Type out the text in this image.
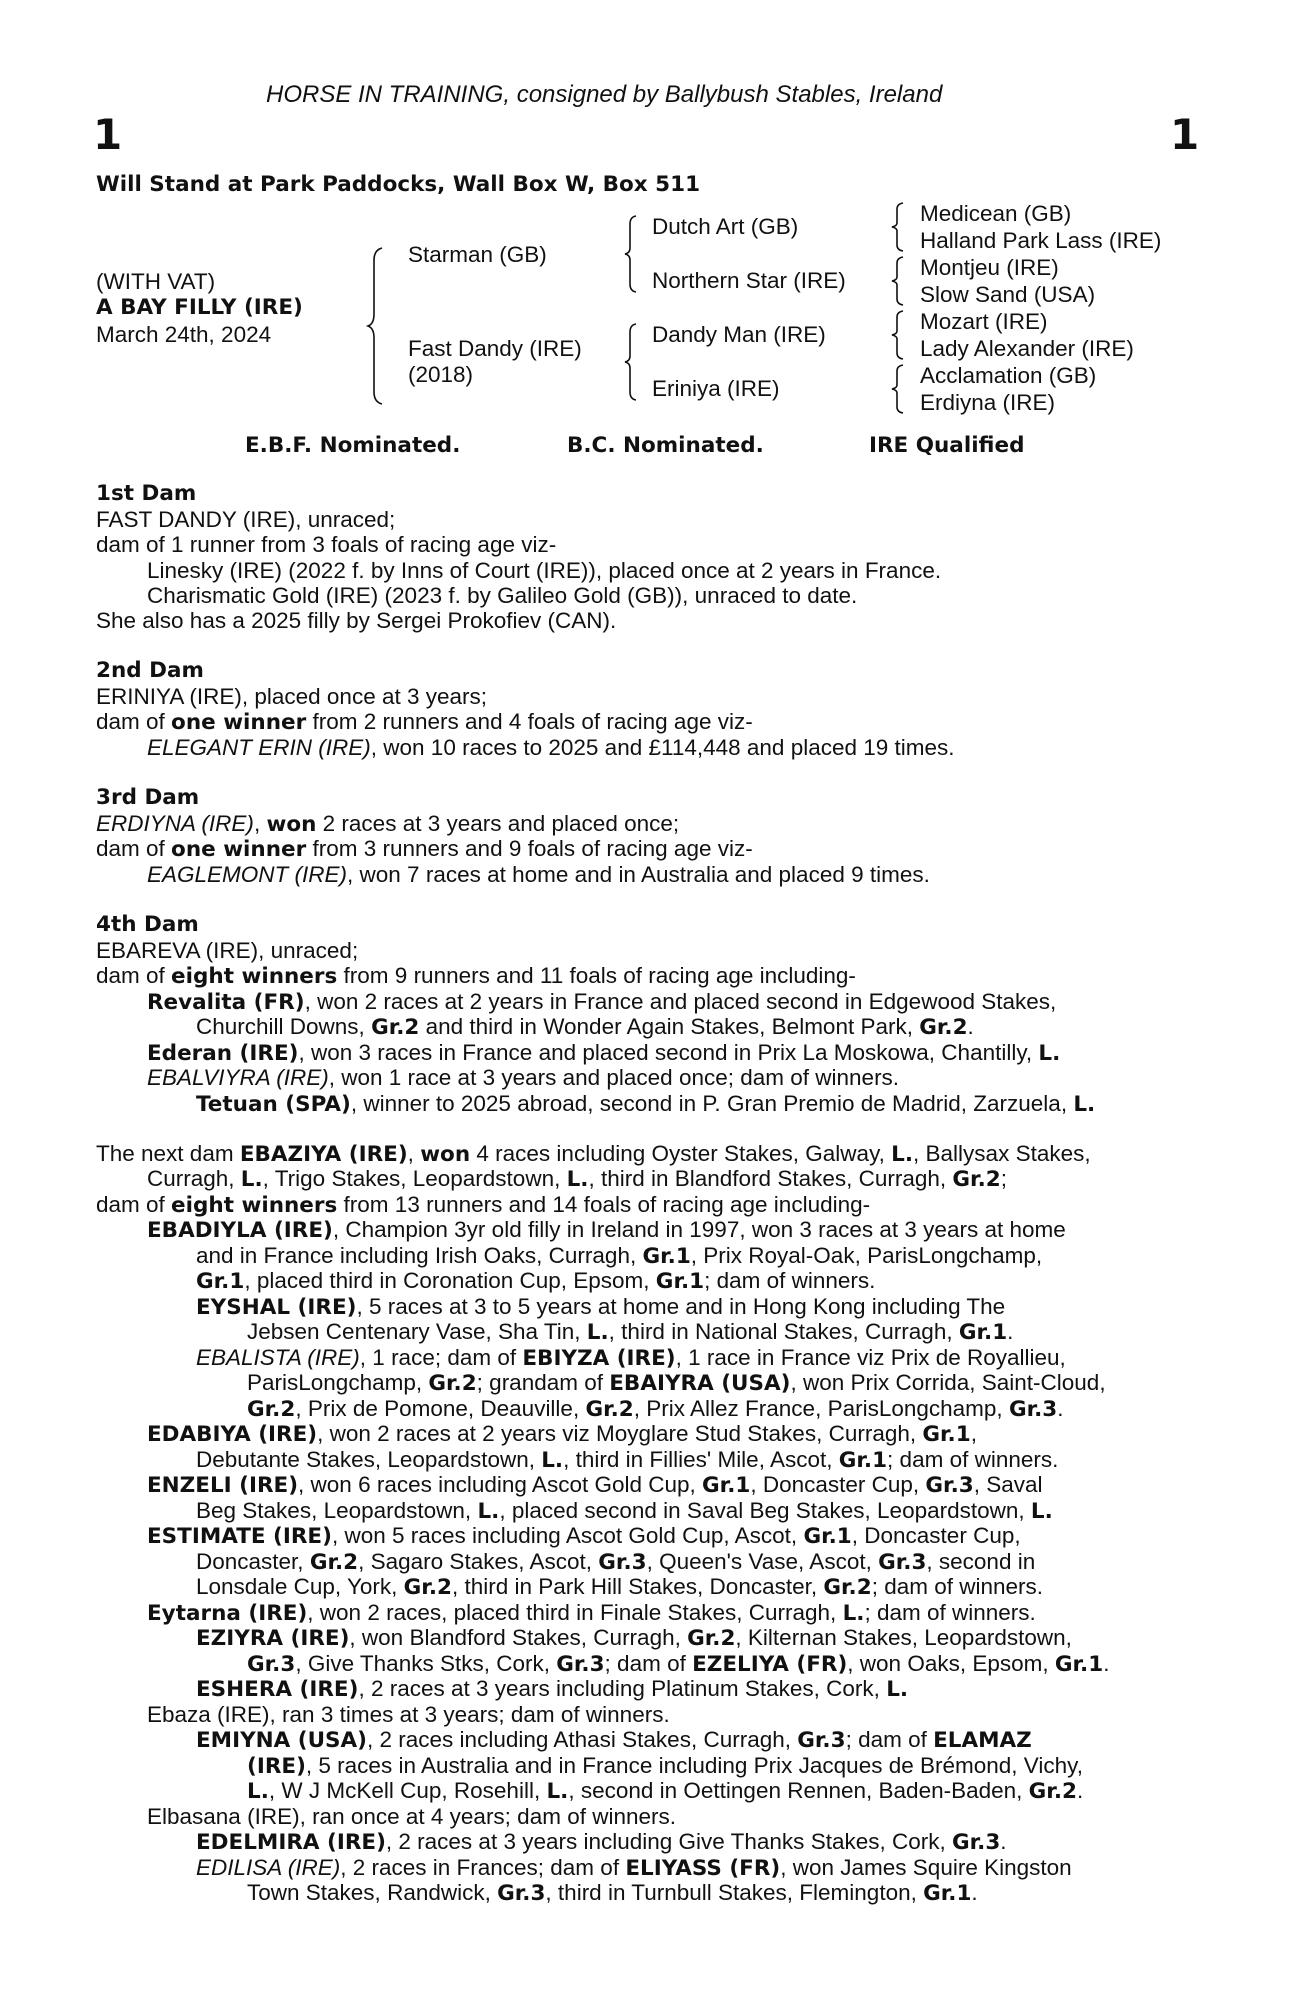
HORSE IN TRAINING, consigned by Ballybush Stables, Ireland
1	1
Will Stand at Park Paddocks, Wall Box W, Box 511
(WITH VAT)
A BAY FILLY (IRE)
March 24th, 2024
Starman (GB)
Fast Dandy (IRE)
(2018)
Dutch Art (GB)
Northern Star (IRE)
Dandy Man (IRE)
Eriniya (IRE)
Medicean (GB)
Halland Park Lass (IRE)
Montjeu (IRE)
Slow Sand (USA)
Mozart (IRE)
Lady Alexander (IRE)
Acclamation (GB)
Erdiyna (IRE)
E.B.F. Nominated.	B.C. Nominated.	IRE Qualified
1st Dam
FAST DANDY (IRE), unraced;
dam of 1 runner from 3 foals of racing age viz-
Linesky (IRE) (2022 f. by Inns of Court (IRE)), placed once at 2 years in France.
Charismatic Gold (IRE) (2023 f. by Galileo Gold (GB)), unraced to date.
She also has a 2025 filly by Sergei Prokofiev (CAN).
2nd Dam
ERINIYA (IRE), placed once at 3 years;
dam of one winner from 2 runners and 4 foals of racing age viz-
ELEGANT ERIN (IRE), won 10 races to 2025 and £114,448 and placed 19 times.
3rd Dam
ERDIYNA (IRE), won 2 races at 3 years and placed once;
dam of one winner from 3 runners and 9 foals of racing age viz-
EAGLEMONT (IRE), won 7 races at home and in Australia and placed 9 times.
4th Dam
EBAREVA (IRE), unraced;
dam of eight winners from 9 runners and 11 foals of racing age including-
Revalita (FR), won 2 races at 2 years in France and placed second in Edgewood Stakes,
Churchill Downs, Gr.2 and third in Wonder Again Stakes, Belmont Park, Gr.2.
Ederan (IRE), won 3 races in France and placed second in Prix La Moskowa, Chantilly, L.
EBALVIYRA (IRE), won 1 race at 3 years and placed once; dam of winners.
Tetuan (SPA), winner to 2025 abroad, second in P. Gran Premio de Madrid, Zarzuela, L.
The next dam EBAZIYA (IRE), won 4 races including Oyster Stakes, Galway, L., Ballysax Stakes,
Curragh, L., Trigo Stakes, Leopardstown, L., third in Blandford Stakes, Curragh, Gr.2;
dam of eight winners from 13 runners and 14 foals of racing age including-
EBADIYLA (IRE), Champion 3yr old filly in Ireland in 1997, won 3 races at 3 years at home
and in France including Irish Oaks, Curragh, Gr.1, Prix Royal-Oak, ParisLongchamp,
Gr.1, placed third in Coronation Cup, Epsom, Gr.1; dam of winners.
EYSHAL (IRE), 5 races at 3 to 5 years at home and in Hong Kong including The
Jebsen Centenary Vase, Sha Tin, L., third in National Stakes, Curragh, Gr.1.
EBALISTA (IRE), 1 race; dam of EBIYZA (IRE), 1 race in France viz Prix de Royallieu,
ParisLongchamp, Gr.2; grandam of EBAIYRA (USA), won Prix Corrida, Saint-Cloud,
Gr.2, Prix de Pomone, Deauville, Gr.2, Prix Allez France, ParisLongchamp, Gr.3.
EDABIYA (IRE), won 2 races at 2 years viz Moyglare Stud Stakes, Curragh, Gr.1,
Debutante Stakes, Leopardstown, L., third in Fillies' Mile, Ascot, Gr.1; dam of winners.
ENZELI (IRE), won 6 races including Ascot Gold Cup, Gr.1, Doncaster Cup, Gr.3, Saval
Beg Stakes, Leopardstown, L., placed second in Saval Beg Stakes, Leopardstown, L.
ESTIMATE (IRE), won 5 races including Ascot Gold Cup, Ascot, Gr.1, Doncaster Cup,
Doncaster, Gr.2, Sagaro Stakes, Ascot, Gr.3, Queen's Vase, Ascot, Gr.3, second in
Lonsdale Cup, York, Gr.2, third in Park Hill Stakes, Doncaster, Gr.2; dam of winners.
Eytarna (IRE), won 2 races, placed third in Finale Stakes, Curragh, L.; dam of winners.
EZIYRA (IRE), won Blandford Stakes, Curragh, Gr.2, Kilternan Stakes, Leopardstown,
Gr.3, Give Thanks Stks, Cork, Gr.3; dam of EZELIYA (FR), won Oaks, Epsom, Gr.1.
ESHERA (IRE), 2 races at 3 years including Platinum Stakes, Cork, L.
Ebaza (IRE), ran 3 times at 3 years; dam of winners.
EMIYNA (USA), 2 races including Athasi Stakes, Curragh, Gr.3; dam of ELAMAZ
(IRE), 5 races in Australia and in France including Prix Jacques de Brémond, Vichy,
L., W J McKell Cup, Rosehill, L., second in Oettingen Rennen, Baden-Baden, Gr.2.
Elbasana (IRE), ran once at 4 years; dam of winners.
EDELMIRA (IRE), 2 races at 3 years including Give Thanks Stakes, Cork, Gr.3.
EDILISA (IRE), 2 races in Frances; dam of ELIYASS (FR), won James Squire Kingston
Town Stakes, Randwick, Gr.3, third in Turnbull Stakes, Flemington, Gr.1.
